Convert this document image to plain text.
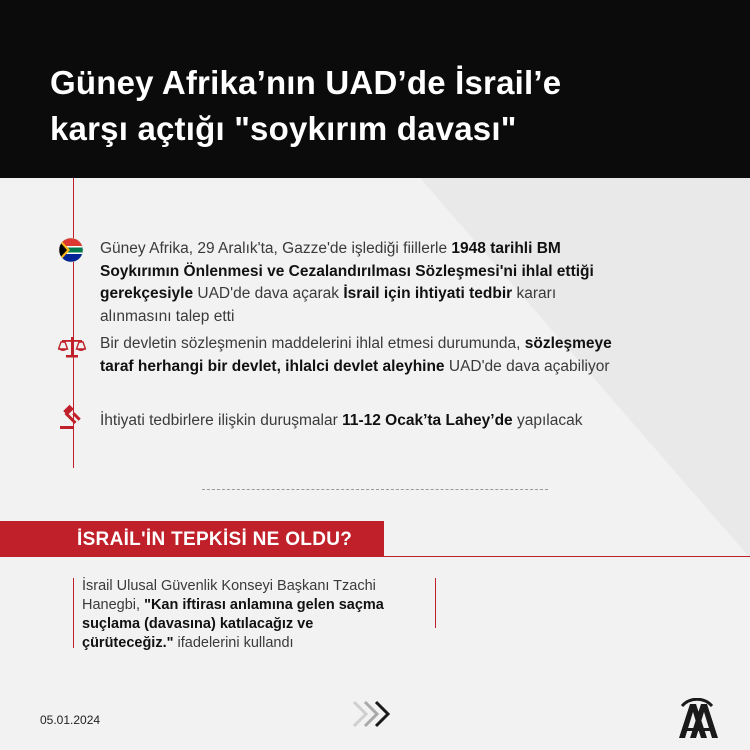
Güney Afrika’nın UAD’de İsrail’e
karşı açtığı "soykırım davası"
Güney Afrika, 29 Aralık'ta, Gazze'de işlediği fiillerle 1948 tarihli BM Soykırımın Önlenmesi ve Cezalandırılması Sözleşmesi'ni ihlal ettiği gerekçesiyle UAD'de dava açarak İsrail için ihtiyati tedbir kararı alınmasını talep etti
Bir devletin sözleşmenin maddelerini ihlal etmesi durumunda, sözleşmeye taraf herhangi bir devlet, ihlalci devlet aleyhine UAD'de dava açabiliyor
İhtiyati tedbirlere ilişkin duruşmalar 11-12 Ocak’ta Lahey’de yapılacak
İSRAİL'İN TEPKİSİ NE OLDU?
İsrail Ulusal Güvenlik Konseyi Başkanı Tzachi Hanegbi, "Kan iftirası anlamına gelen saçma suçlama (davasına) katılacağız ve çürüteceğiz." ifadelerini kullandı
05.01.2024
